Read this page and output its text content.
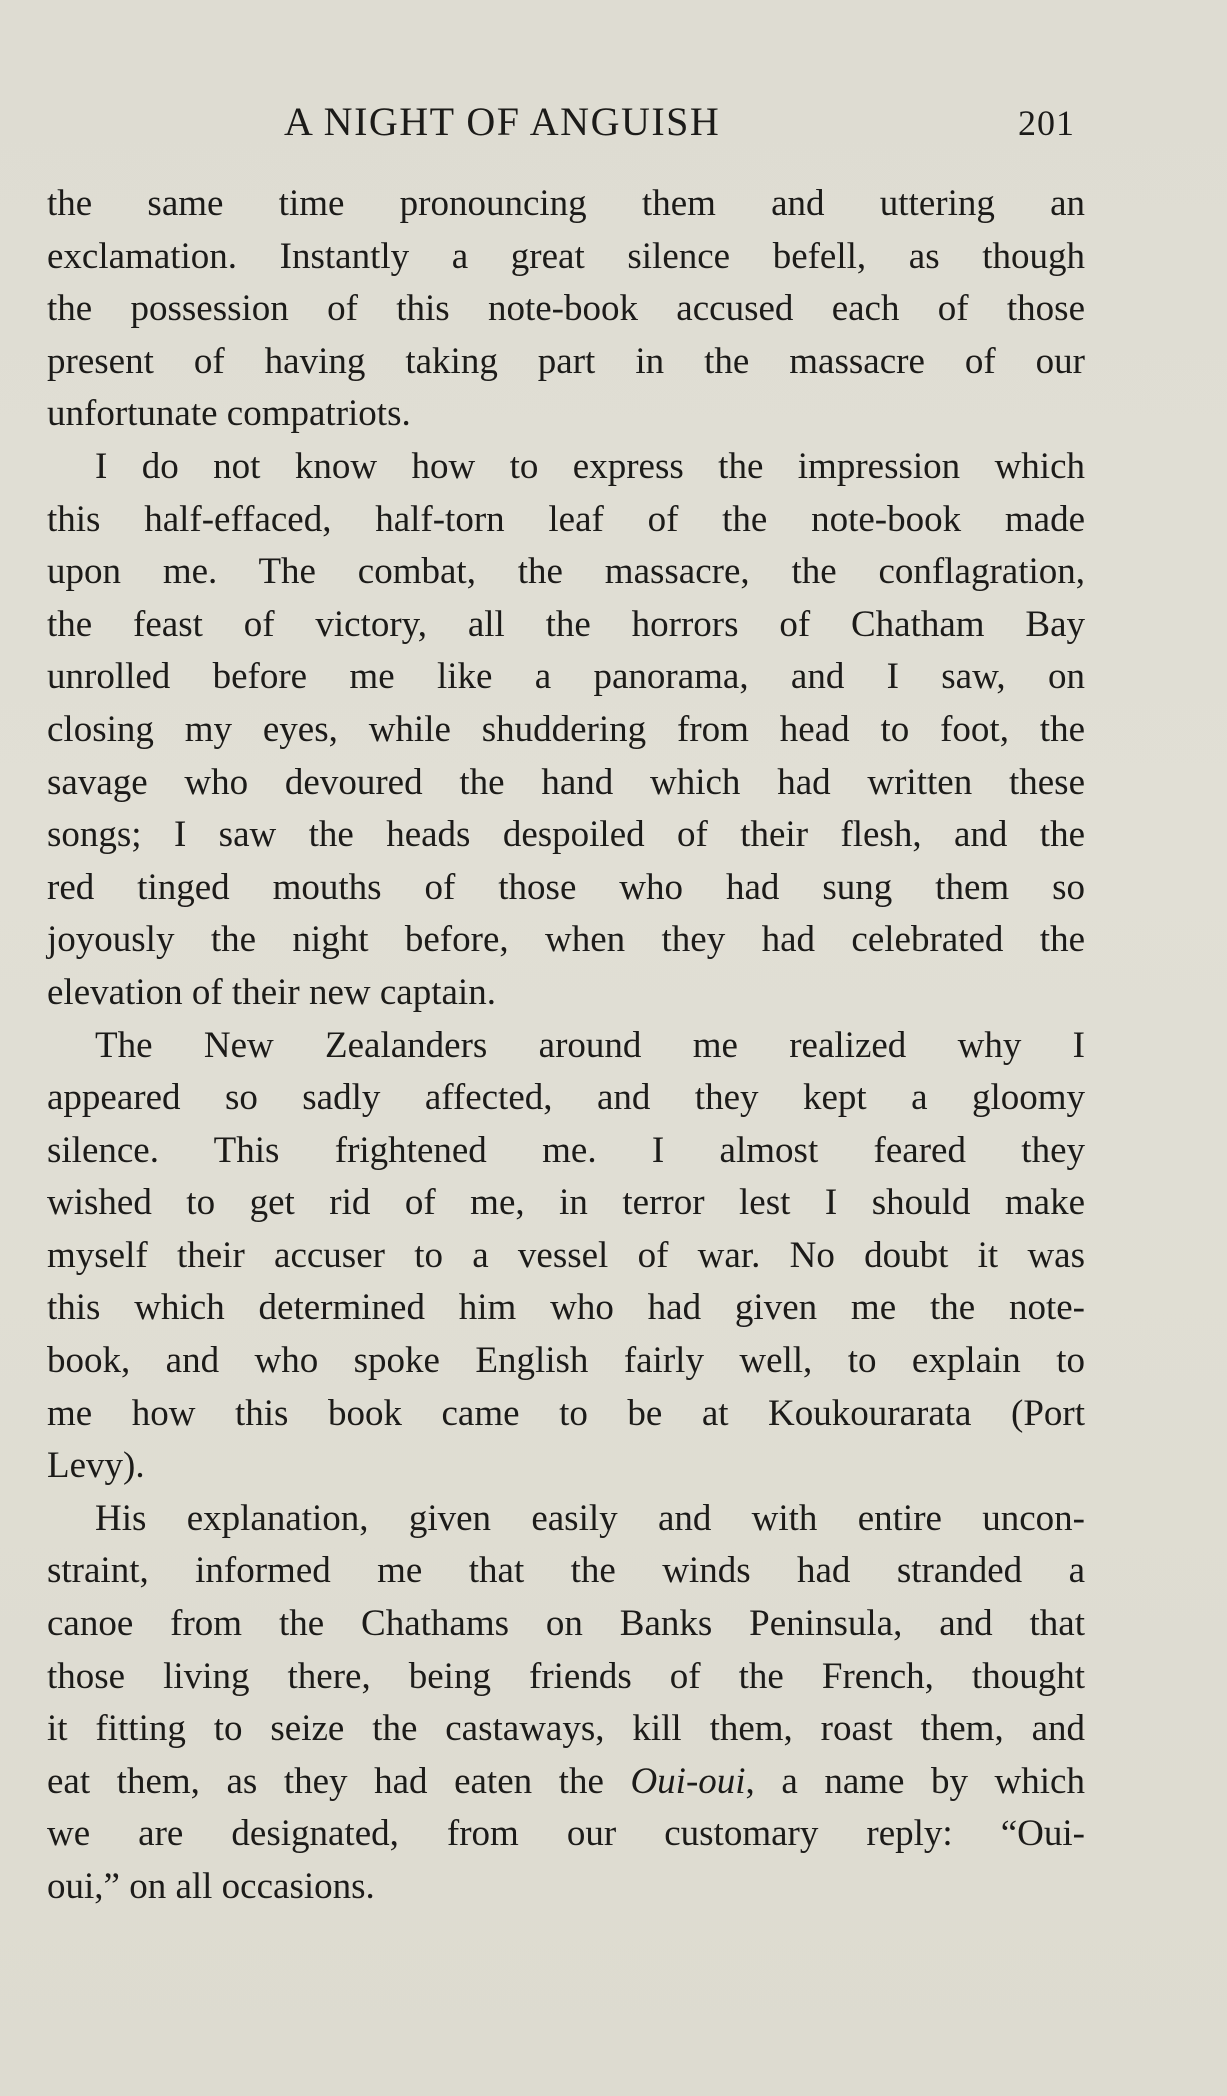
A NIGHT OF ANGUISH	201
the same time pronouncing them and uttering an
exclamation. Instantly a great silence befell, as though
the possession of this note-book accused each of those
present of having taking part in the massacre of our
unfortunate compatriots.
I do not know how to express the impression which
this half-effaced, half-torn leaf of the note-book made
upon me. The combat, the massacre, the conflagration,
the feast of victory, all the horrors of Chatham Bay
unrolled before me like a panorama, and I saw, on
closing my eyes, while shuddering from head to foot, the
savage who devoured the hand which had written these
songs; I saw the heads despoiled of their flesh, and the
red tinged mouths of those who had sung them so
joyously the night before, when they had celebrated the
elevation of their new captain.
The New Zealanders around me realized why I
appeared so sadly affected, and they kept a gloomy
silence. This frightened me. I almost feared they
wished to get rid of me, in terror lest I should make
myself their accuser to a vessel of war. No doubt it was
this which determined him who had given me the note-
book, and who spoke English fairly well, to explain to
me how this book came to be at Koukourarata (Port
Levy).
His explanation, given easily and with entire uncon-
straint, informed me that the winds had stranded a
canoe from the Chathams on Banks Peninsula, and that
those living there, being friends of the French, thought
it fitting to seize the castaways, kill them, roast them, and
eat them, as they had eaten the Oui-oui, a name by which
we are designated, from our customary reply: “Oui-
oui,” on all occasions.
